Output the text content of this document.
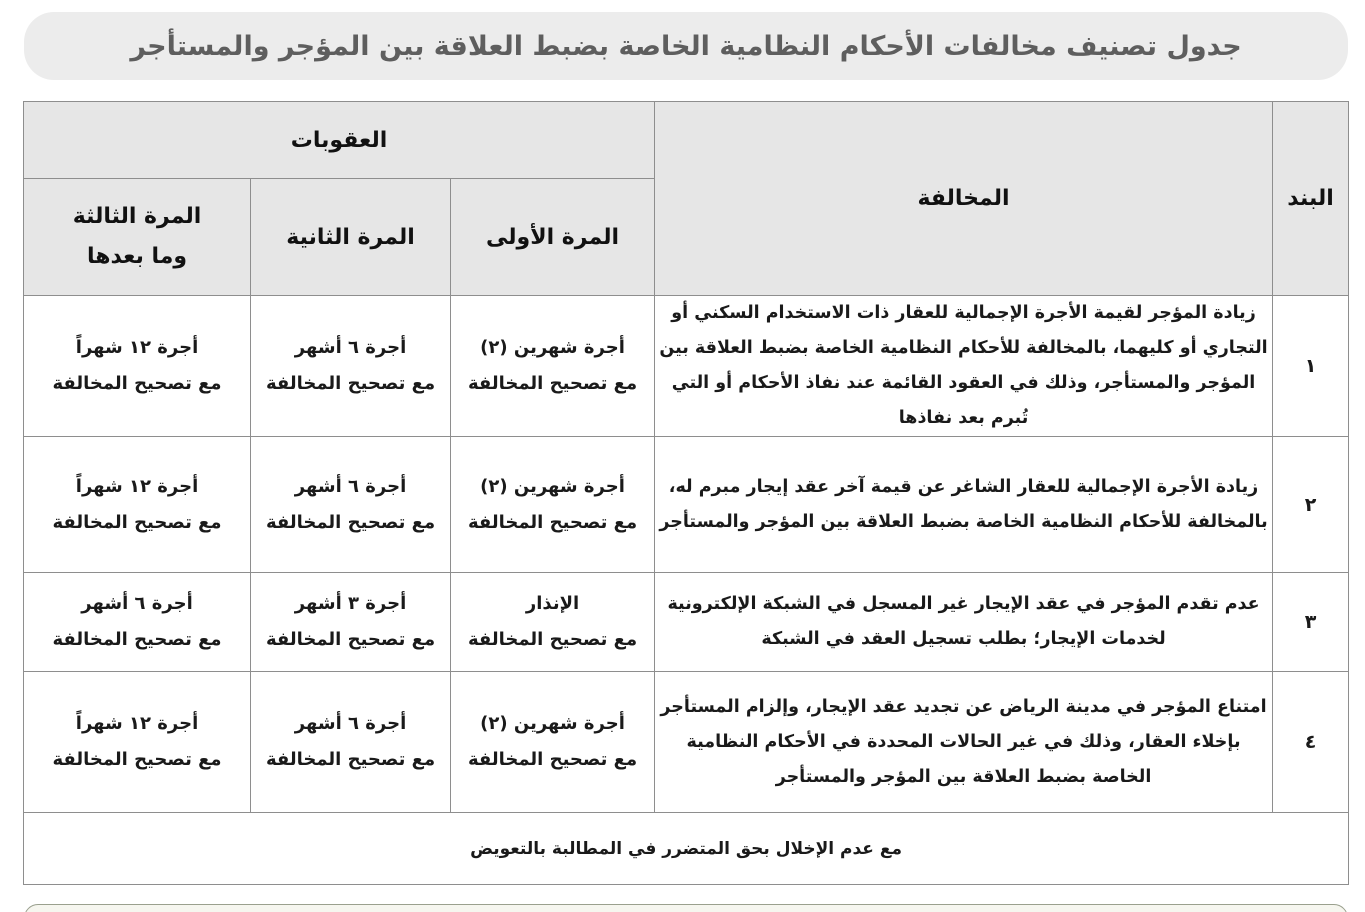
جدول تصنيف مخالفات الأحكام النظامية الخاصة بضبط العلاقة بين المؤجر والمستأجر
البند	المخالفة	العقوبات		
		المرة الأولى	المرة الثانية	المرة الثالثة
وما بعدها

١	زيادة المؤجر لقيمة الأجرة الإجمالية للعقار ذات الاستخدام السكني أو التجاري أو كليهما، بالمخالفة للأحكام النظامية الخاصة بضبط العلاقة بين المؤجر والمستأجر، وذلك في العقود القائمة عند نفاذ الأحكام أو التي تُبرم بعد نفاذها	أجرة شهرين (٢)
مع تصحيح المخالفة	أجرة ٦ أشهر
مع تصحيح المخالفة	أجرة ١٢ شهراً
مع تصحيح المخالفة

٢	زيادة الأجرة الإجمالية للعقار الشاغر عن قيمة آخر عقد إيجار مبرم له، بالمخالفة للأحكام النظامية الخاصة بضبط العلاقة بين المؤجر والمستأجر	أجرة شهرين (٢)
مع تصحيح المخالفة	أجرة ٦ أشهر
مع تصحيح المخالفة	أجرة ١٢ شهراً
مع تصحيح المخالفة

٣	عدم تقدم المؤجر في عقد الإيجار غير المسجل في الشبكة الإلكترونية لخدمات الإيجار؛ بطلب تسجيل العقد في الشبكة	الإنذار
مع تصحيح المخالفة	أجرة ٣ أشهر
مع تصحيح المخالفة	أجرة ٦ أشهر
مع تصحيح المخالفة

٤	امتناع المؤجر في مدينة الرياض عن تجديد عقد الإيجار، وإلزام المستأجر بإخلاء العقار، وذلك في غير الحالات المحددة في الأحكام النظامية الخاصة بضبط العلاقة بين المؤجر والمستأجر	أجرة شهرين (٢)
مع تصحيح المخالفة	أجرة ٦ أشهر
مع تصحيح المخالفة	أجرة ١٢ شهراً
مع تصحيح المخالفة

مع عدم الإخلال بحق المتضرر في المطالبة بالتعويض				
